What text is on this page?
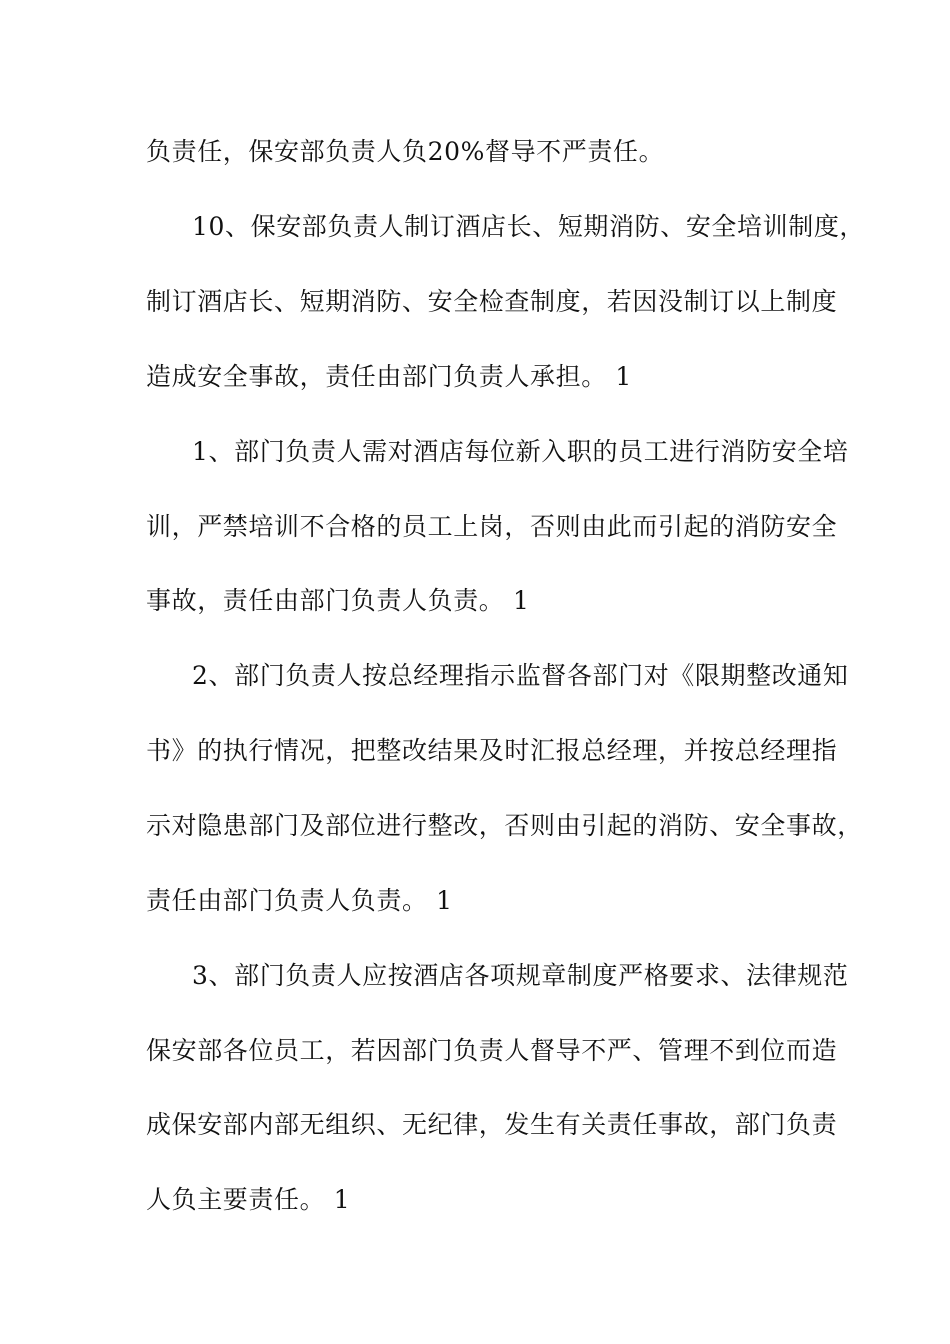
负责任，保安部负责人负20%督导不严责任。
10、保安部负责人制订酒店长、短期消防、安全培训制度，
制订酒店长、短期消防、安全检查制度，若因没制订以上制度
造成安全事故，责任由部门负责人承担。 1
1、部门负责人需对酒店每位新入职的员工进行消防安全培
训，严禁培训不合格的员工上岗，否则由此而引起的消防安全
事故，责任由部门负责人负责。 1
2、部门负责人按总经理指示监督各部门对《限期整改通知
书》的执行情况，把整改结果及时汇报总经理，并按总经理指
示对隐患部门及部位进行整改，否则由引起的消防、安全事故，
责任由部门负责人负责。 1
3、部门负责人应按酒店各项规章制度严格要求、法律规范
保安部各位员工，若因部门负责人督导不严、管理不到位而造
成保安部内部无组织、无纪律，发生有关责任事故，部门负责
人负主要责任。 1
